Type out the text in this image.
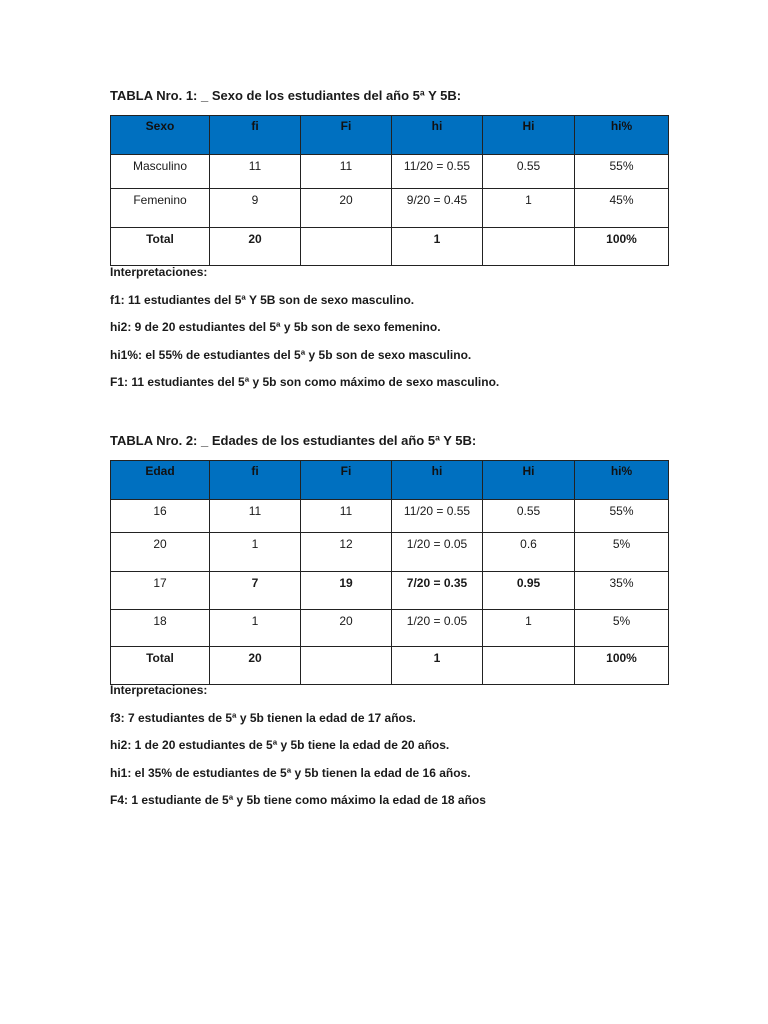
TABLA Nro. 1: _ Sexo de los estudiantes del año 5ª Y 5B:
Sexo	fi	Fi	hi	Hi	hi%
Masculino	11	11	11/20 = 0.55	0.55	55%
Femenino	9	20	9/20 = 0.45	1	45%
Total	20		1		100%
Interpretaciones:
f1: 11 estudiantes del 5ª Y 5B son de sexo masculino.
hi2: 9 de 20 estudiantes del 5ª y 5b son de sexo femenino.
hi1%: el 55% de estudiantes del 5ª y 5b son de sexo masculino.
F1: 11 estudiantes del 5ª y 5b son como máximo de sexo masculino.
TABLA Nro. 2: _ Edades de los estudiantes del año 5ª Y 5B:
Edad	fi	Fi	hi	Hi	hi%
16	11	11	11/20 = 0.55	0.55	55%
20	1	12	1/20 = 0.05	0.6	5%
17	7	19	7/20 = 0.35	0.95	35%
18	1	20	1/20 = 0.05	1	5%
Total	20		1		100%
Interpretaciones:
f3: 7 estudiantes de 5ª y 5b tienen la edad de 17 años.
hi2: 1 de 20 estudiantes de 5ª y 5b tiene la edad de 20 años.
hi1: el 35% de estudiantes de 5ª y 5b tienen la edad de 16 años.
F4: 1 estudiante de 5ª y 5b tiene como máximo la edad de 18 años
